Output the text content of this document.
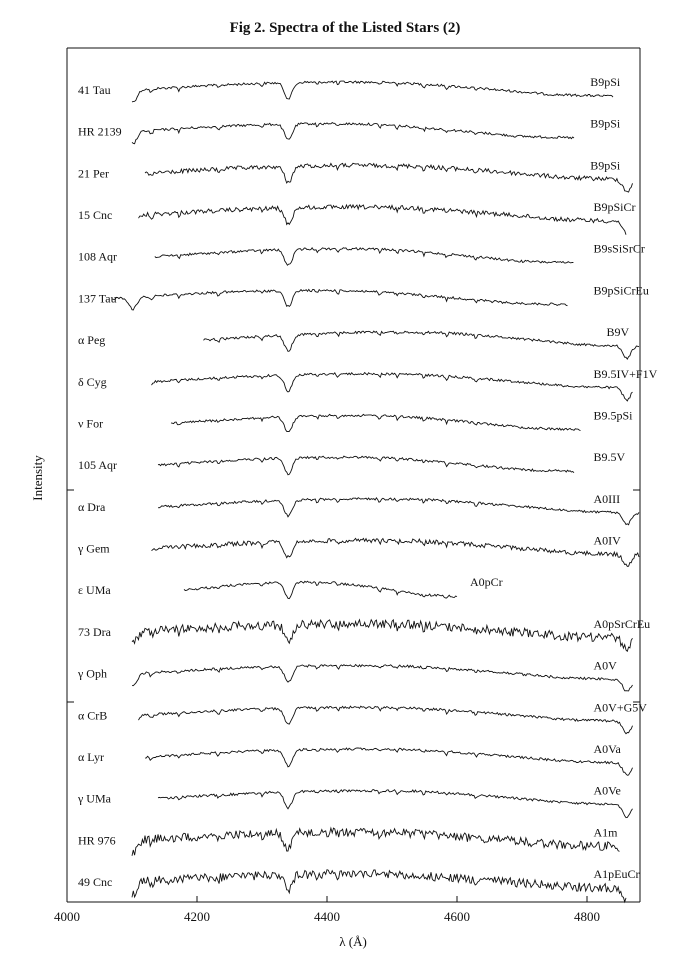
Fig 2. Spectra of the Listed Stars (2)
4000	4200	4400	4600	4800
41 Tau
B9pSi
HR 2139
B9pSi
21 Per
B9pSi
15 Cnc
B9pSiCr
108 Aqr
B9sSiSrCr
137 Tau
B9pSiCrEu
α Peg
B9V
δ Cyg
B9.5IV+F1V
ν For
B9.5pSi
105 Aqr
B9.5V
α Dra
A0III
γ Gem
A0IV
ε UMa
A0pCr
73 Dra
A0pSrCrEu
γ Oph
A0V
α CrB
A0V+G5V
α Lyr
A0Va
γ UMa
A0Ve
HR 976
A1m
49 Cnc
A1pEuCr
λ (Å)
Intensity
